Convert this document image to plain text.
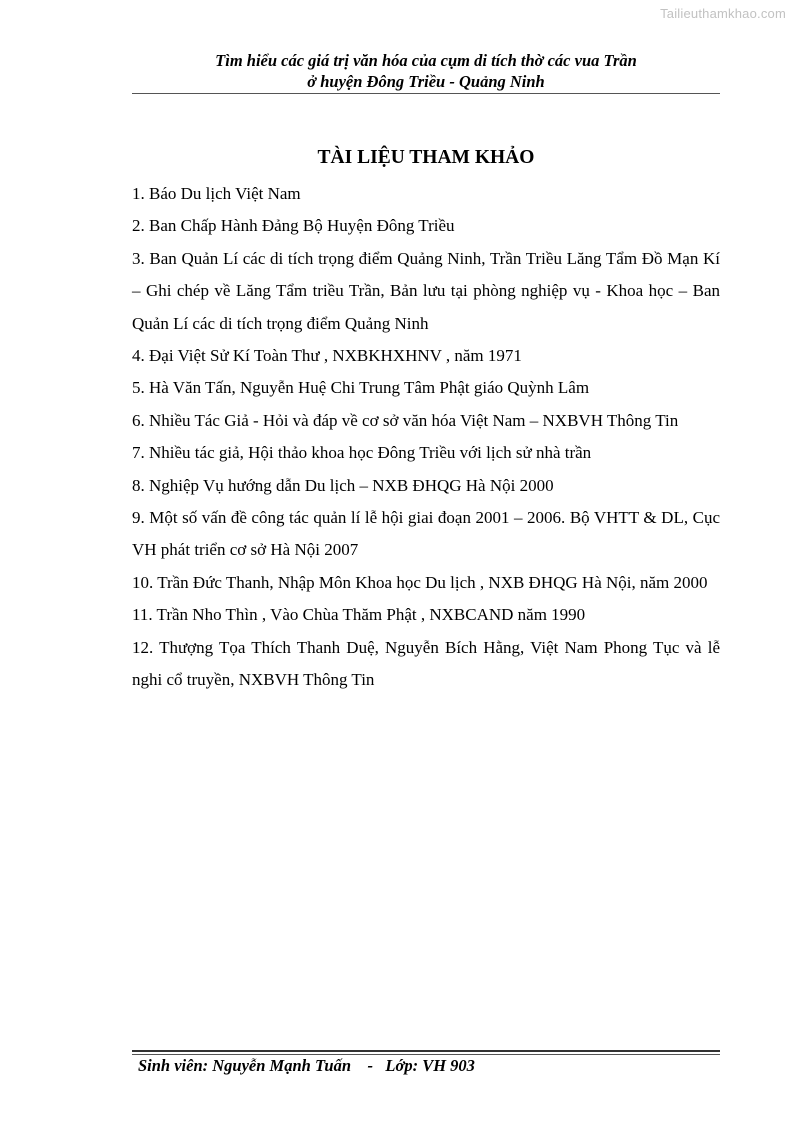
Tailieuthamkhao.com
Tìm hiểu các giá trị văn hóa của cụm di tích thờ các vua Trần
ở huyện Đông Triều - Quảng Ninh
TÀI LIỆU THAM KHẢO
1. Báo Du lịch Việt Nam
2. Ban Chấp Hành Đảng Bộ Huyện Đông Triều
3. Ban Quản Lí các di tích trọng điểm Quảng Ninh, Trần Triều Lăng Tẩm Đồ Mạn Kí – Ghi chép về Lăng Tẩm triều Trần, Bản lưu tại phòng nghiệp vụ - Khoa học – Ban Quản Lí các di tích trọng điểm Quảng Ninh
4. Đại Việt Sử Kí Toàn Thư , NXBKHXHNV , năm 1971
5. Hà Văn Tấn, Nguyễn Huệ Chi Trung Tâm Phật giáo Quỳnh Lâm
6. Nhiều Tác Giả - Hỏi và đáp về cơ sở văn hóa Việt Nam – NXBVH Thông Tin
7. Nhiều tác giả, Hội thảo khoa học Đông Triều với lịch sử nhà trần
8. Nghiệp Vụ hướng dẫn Du lịch – NXB ĐHQG Hà Nội 2000
9. Một số vấn đề công tác quản lí lễ hội giai đoạn 2001 – 2006. Bộ VHTT & DL, Cục VH phát triển cơ sở Hà Nội 2007
10. Trần Đức Thanh, Nhập Môn Khoa học Du lịch , NXB ĐHQG Hà Nội, năm 2000
11. Trần Nho Thìn , Vào Chùa Thăm Phật , NXBCAND năm 1990
12. Thượng Tọa Thích Thanh Duệ, Nguyễn Bích Hằng, Việt Nam Phong Tục và lễ nghi cổ truyền, NXBVH Thông Tin
Sinh viên: Nguyễn Mạnh Tuấn    -   Lớp: VH 903
